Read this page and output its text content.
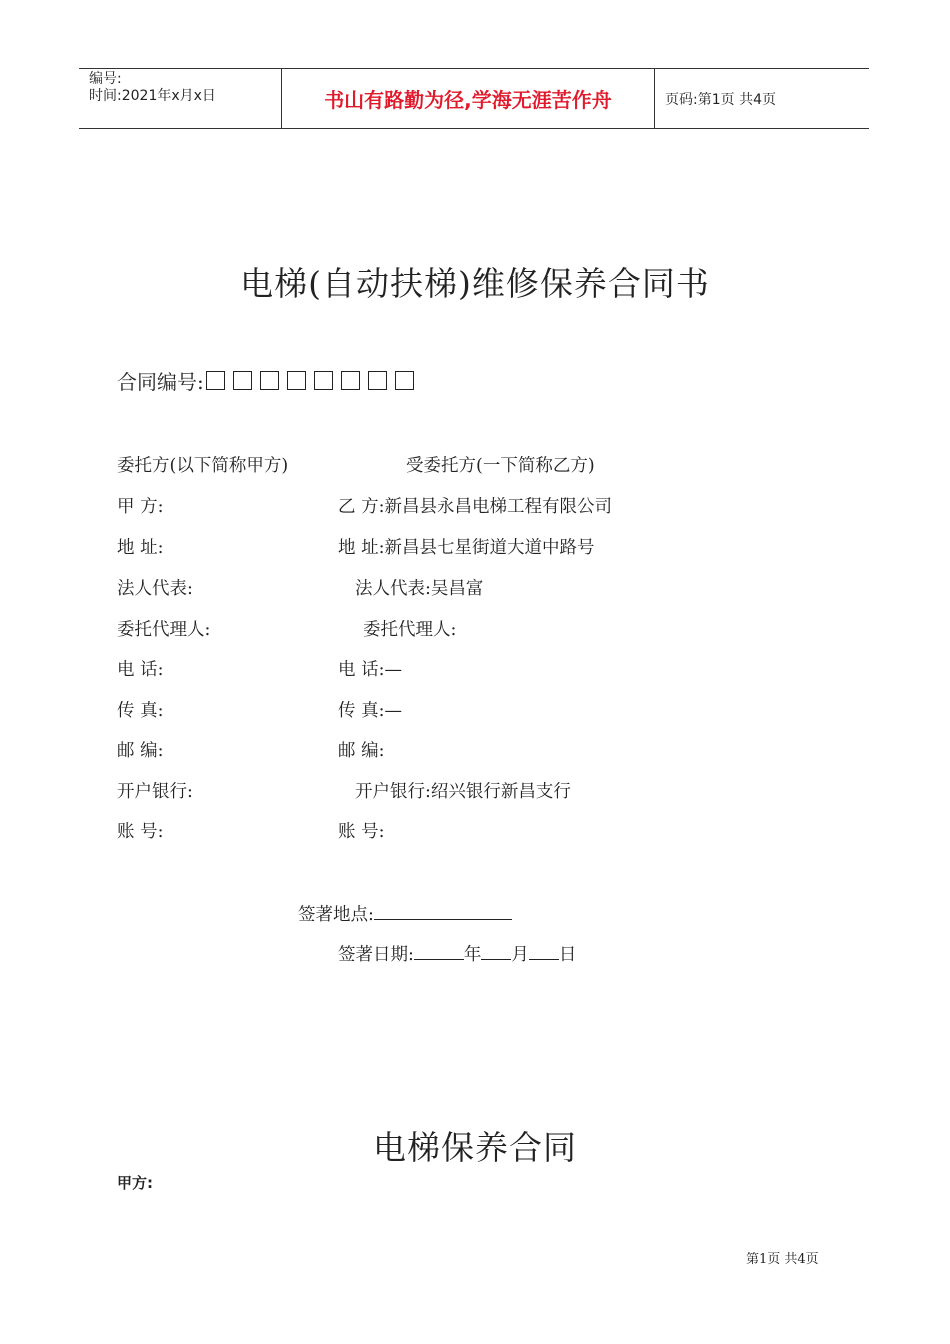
编号:
时间:2021年x月x日	书山有路勤为径,学海无涯苦作舟	页码:第1页 共4页
电梯(自动扶梯)维修保养合同书
合同编号:
委托方(以下简称甲方)	受委托方(一下简称乙方)
甲 方:	乙 方:新昌县永昌电梯工程有限公司
地 址:	地 址:新昌县七星街道大道中路号
法人代表:	法人代表:吴昌富
委托代理人:	委托代理人:
电 话:	电 话:—
传 真:	传 真:—
邮 编:	邮 编:
开户银行:	开户银行:绍兴银行新昌支行
账 号:	账 号:
签著地点:
签著日期:	年 月 日
电梯保养合同
甲方:
第1页 共4页
